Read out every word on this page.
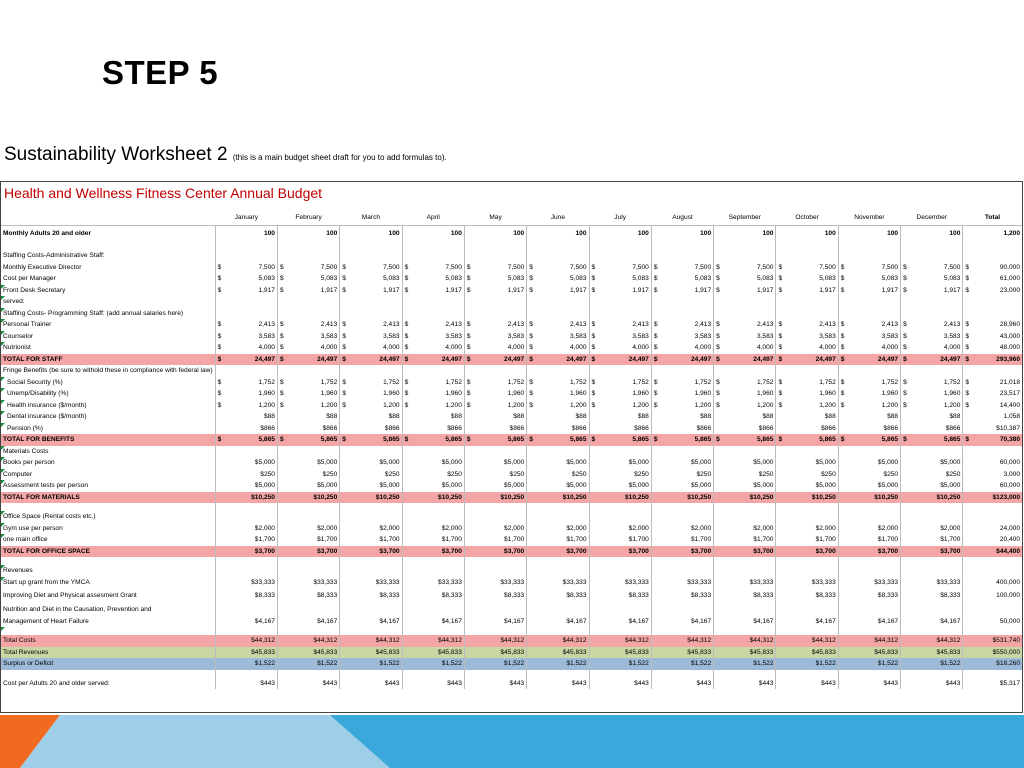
STEP 5
Sustainability Worksheet 2 (this is a main budget sheet draft for you to add formulas to).
Health and Wellness Fitness Center Annual Budget
	January		February		March		April		May		June		July		August		September		October		November		December		Total	
Monthly Adults 20 and older		100		100		100		100		100		100		100		100		100		100		100		100		1,200

Staffing Costs-Administrative Staff:																										
Monthly Executive Director	$	7,500	$	7,500	$	7,500	$	7,500	$	7,500	$	7,500	$	7,500	$	7,500	$	7,500	$	7,500	$	7,500	$	7,500	$	90,000
Cost per Manager	$	5,083	$	5,083	$	5,083	$	5,083	$	5,083	$	5,083	$	5,083	$	5,083	$	5,083	$	5,083	$	5,083	$	5,083	$	61,000
Front Desk Secretary	$	1,917	$	1,917	$	1,917	$	1,917	$	1,917	$	1,917	$	1,917	$	1,917	$	1,917	$	1,917	$	1,917	$	1,917	$	23,000
served:

Staffing Costs- Programming Staff: (add annual salaries here)

Personal Trainer	$	2,413	$	2,413	$	2,413	$	2,413	$	2,413	$	2,413	$	2,413	$	2,413	$	2,413	$	2,413	$	2,413	$	2,413	$	28,960
Counselor	$	3,583	$	3,583	$	3,583	$	3,583	$	3,583	$	3,583	$	3,583	$	3,583	$	3,583	$	3,583	$	3,583	$	3,583	$	43,000
Nutrionist	$	4,000	$	4,000	$	4,000	$	4,000	$	4,000	$	4,000	$	4,000	$	4,000	$	4,000	$	4,000	$	4,000	$	4,000	$	48,000
TOTAL FOR STAFF	$	24,497	$	24,497	$	24,497	$	24,497	$	24,497	$	24,497	$	24,497	$	24,497	$	24,497	$	24,497	$	24,497	$	24,497	$	293,960
Fringe Benefits (be sure to withold these in compliance with federal law)																										
Social Security (%)	$	1,752	$	1,752	$	1,752	$	1,752	$	1,752	$	1,752	$	1,752	$	1,752	$	1,752	$	1,752	$	1,752	$	1,752	$	21,018
Unemp/Disability (%)	$	1,960	$	1,960	$	1,960	$	1,960	$	1,960	$	1,960	$	1,960	$	1,960	$	1,960	$	1,960	$	1,960	$	1,960	$	23,517
Health insurance ($/month)	$	1,200	$	1,200	$	1,200	$	1,200	$	1,200	$	1,200	$	1,200	$	1,200	$	1,200	$	1,200	$	1,200	$	1,200	$	14,400
Dental insurance ($/month)		$88		$88		$88		$88		$88		$88		$88		$88		$88		$88		$88		$88		1,058
Pension (%)		$866		$866		$866		$866		$866		$866		$866		$866		$866		$866		$866		$866		$10,387
TOTAL FOR BENEFITS	$	5,865	$	5,865	$	5,865	$	5,865	$	5,865	$	5,865	$	5,865	$	5,865	$	5,865	$	5,865	$	5,865	$	5,865	$	70,380
Materials Costs

Books per person		$5,000		$5,000		$5,000		$5,000		$5,000		$5,000		$5,000		$5,000		$5,000		$5,000		$5,000		$5,000		60,000
Computer		$250		$250		$250		$250		$250		$250		$250		$250		$250		$250		$250		$250		3,000
Assessment tests per person		$5,000		$5,000		$5,000		$5,000		$5,000		$5,000		$5,000		$5,000		$5,000		$5,000		$5,000		$5,000		60,000
TOTAL FOR MATERIALS		$10,250		$10,250		$10,250		$10,250		$10,250		$10,250		$10,250		$10,250		$10,250		$10,250		$10,250		$10,250		$123,000

Office Space (Rental costs etc.)

Gym use per person		$2,000		$2,000		$2,000		$2,000		$2,000		$2,000		$2,000		$2,000		$2,000		$2,000		$2,000		$2,000		24,000
one main office		$1,700		$1,700		$1,700		$1,700		$1,700		$1,700		$1,700		$1,700		$1,700		$1,700		$1,700		$1,700		20,400
TOTAL FOR OFFICE SPACE		$3,700		$3,700		$3,700		$3,700		$3,700		$3,700		$3,700		$3,700		$3,700		$3,700		$3,700		$3,700		$44,400

Revenues

Start up grant from the YMCA		$33,333		$33,333		$33,333		$33,333		$33,333		$33,333		$33,333		$33,333		$33,333		$33,333		$33,333		$33,333		400,000
Improving Diet and Physical assesment Grant		$8,333		$8,333		$8,333		$8,333		$8,333		$8,333		$8,333		$8,333		$8,333		$8,333		$8,333		$8,333		100,000
Nutrition and Diet in the Causation, Prevention and																										
Management of Heart Failure		$4,167		$4,167		$4,167		$4,167		$4,167		$4,167		$4,167		$4,167		$4,167		$4,167		$4,167		$4,167		50,000

Total Costs		$44,312		$44,312		$44,312		$44,312		$44,312		$44,312		$44,312		$44,312		$44,312		$44,312		$44,312		$44,312		$531,740
Total Revenues		$45,833		$45,833		$45,833		$45,833		$45,833		$45,833		$45,833		$45,833		$45,833		$45,833		$45,833		$45,833		$550,000
Surplus or Deficit		$1,522		$1,522		$1,522		$1,522		$1,522		$1,522		$1,522		$1,522		$1,522		$1,522		$1,522		$1,522		$18,260

Cost per Adults 20 and older served:		$443		$443		$443		$443		$443		$443		$443		$443		$443		$443		$443		$443		$5,317
